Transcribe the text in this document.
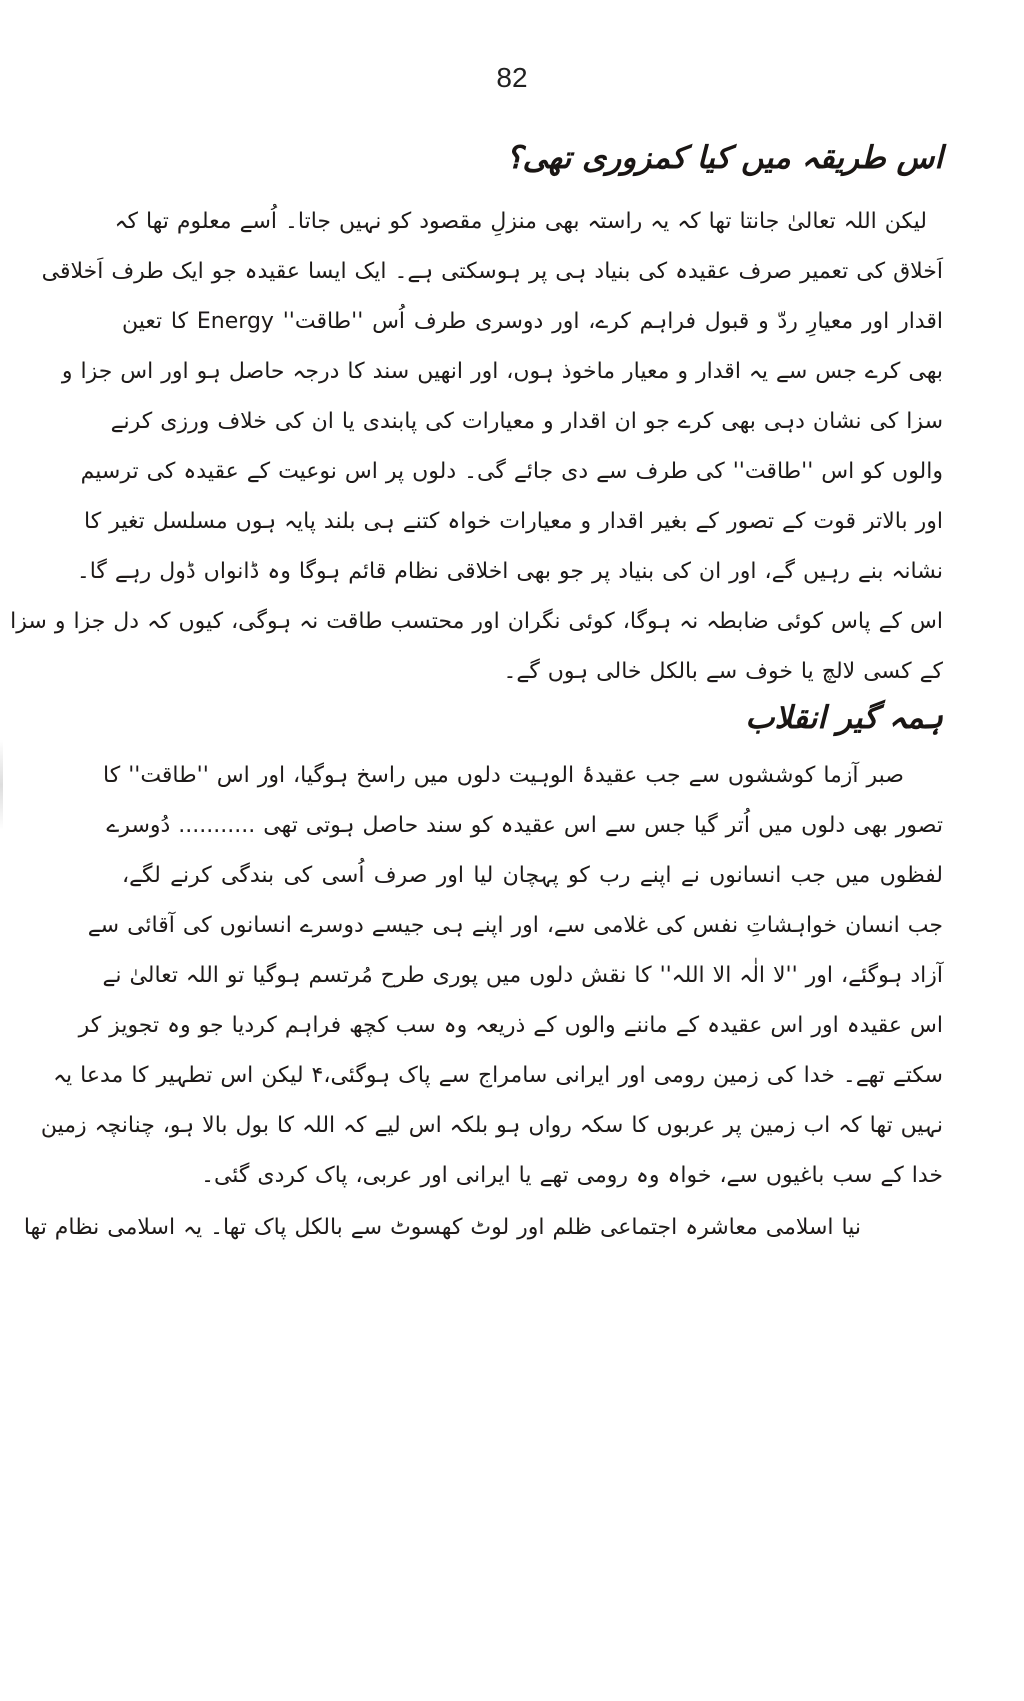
82
اس طریقہ میں کیا کمزوری تھی؟
لیکن اللہ تعالیٰ جانتا تھا کہ یہ راستہ بھی منزلِ مقصود کو نہیں جاتا۔ اُسے معلوم تھا کہ
اَخلاق کی تعمیر صرف عقیدہ کی بنیاد ہی پر ہوسکتی ہے۔ ایک ایسا عقیدہ جو ایک طرف اَخلاقی
اقدار اور معیارِ ردّ و قبول فراہم کرے، اور دوسری طرف اُس ''طاقت'' Energy کا تعین
بھی کرے جس سے یہ اقدار و معیار ماخوذ ہوں، اور انھیں سند کا درجہ حاصل ہو اور اس جزا و
سزا کی نشان دہی بھی کرے جو ان اقدار و معیارات کی پابندی یا ان کی خلاف ورزی کرنے
والوں کو اس ''طاقت'' کی طرف سے دی جائے گی۔ دلوں پر اس نوعیت کے عقیدہ کی ترسیم
اور بالاتر قوت کے تصور کے بغیر اقدار و معیارات خواہ کتنے ہی بلند پایہ ہوں مسلسل تغیر کا
نشانہ بنے رہیں گے، اور ان کی بنیاد پر جو بھی اخلاقی نظام قائم ہوگا وہ ڈانواں ڈول رہے گا۔
اس کے پاس کوئی ضابطہ نہ ہوگا، کوئی نگران اور محتسب طاقت نہ ہوگی، کیوں کہ دل جزا و سزا
کے کسی لالچ یا خوف سے بالکل خالی ہوں گے۔
ہمہ گیر انقلاب
صبر آزما کوششوں سے جب عقیدۂ الوہیت دلوں میں راسخ ہوگیا، اور اس ''طاقت'' کا
تصور بھی دلوں میں اُتر گیا جس سے اس عقیدہ کو سند حاصل ہوتی تھی ........... دُوسرے
لفظوں میں جب انسانوں نے اپنے رب کو پہچان لیا اور صرف اُسی کی بندگی کرنے لگے،
جب انسان خواہشاتِ نفس کی غلامی سے، اور اپنے ہی جیسے دوسرے انسانوں کی آقائی سے
آزاد ہوگئے، اور ''لا الٰہ الا اللہ'' کا نقش دلوں میں پوری طرح مُرتسم ہوگیا تو اللہ تعالیٰ نے
اس عقیدہ اور اس عقیدہ کے ماننے والوں کے ذریعہ وہ سب کچھ فراہم کردیا جو وہ تجویز کر
سکتے تھے۔ خدا کی زمین رومی اور ایرانی سامراج سے پاک ہوگئی،۴ لیکن اس تطہیر کا مدعا یہ
نہیں تھا کہ اب زمین پر عربوں کا سکہ رواں ہو بلکہ اس لیے کہ اللہ کا بول بالا ہو، چنانچہ زمین
خدا کے سب باغیوں سے، خواہ وہ رومی تھے یا ایرانی اور عربی، پاک کردی گئی۔
نیا اسلامی معاشرہ اجتماعی ظلم اور لوٹ کھسوٹ سے بالکل پاک تھا۔ یہ اسلامی نظام تھا
